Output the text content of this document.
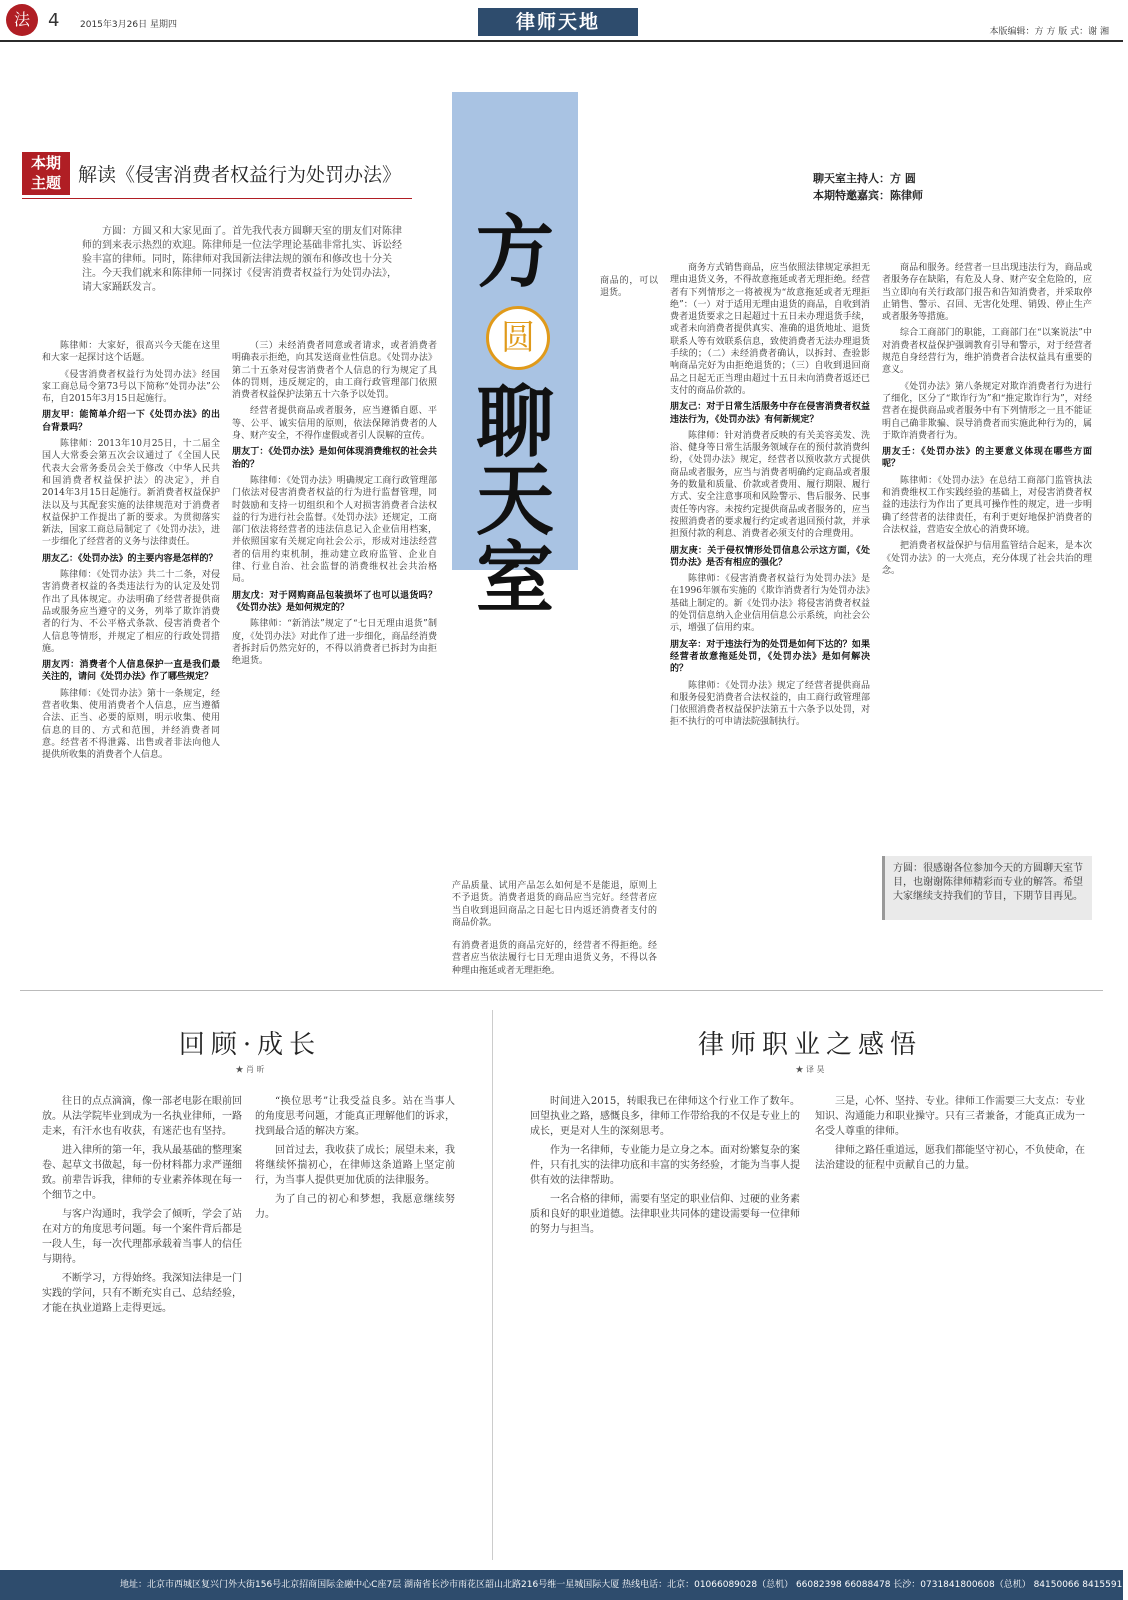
法	4 2015年3月26日 星期四	律师天地	本版编辑：方 方 版 式：谢 湘
本期
主题 解读《侵害消费者权益行为处罚办法》	聊天室主持人：方 圆
本期特邀嘉宾：陈律师
方圆：方圆又和大家见面了。首先我代表方圆聊天室的朋友们对陈律师的到来表示热烈的欢迎。陈律师是一位法学理论基础非常扎实、诉讼经验丰富的律师。同时，陈律师对我国新法律法规的颁布和修改也十分关注。今天我们就来和陈律师一同探讨《侵害消费者权益行为处罚办法》，请大家踊跃发言。	方
圆
聊
天
室

陈律师：大家好，很高兴今天能在这里和大家一起探讨这个话题。

《侵害消费者权益行为处罚办法》经国家工商总局令第73号以下简称“处罚办法”公布，自2015年3月15日起施行。

朋友甲：能简单介绍一下《处罚办法》的出台背景吗？

陈律师：2013年10月25日，十二届全国人大常委会第五次会议通过了《全国人民代表大会常务委员会关于修改〈中华人民共和国消费者权益保护法〉的决定》，并自2014年3月15日起施行。新消费者权益保护法以及与其配套实施的法律规范对于消费者权益保护工作提出了新的要求。为贯彻落实新法，国家工商总局制定了《处罚办法》，进一步细化了经营者的义务与法律责任。

朋友乙：《处罚办法》的主要内容是怎样的？

陈律师：《处罚办法》共二十二条，对侵害消费者权益的各类违法行为的认定及处罚作出了具体规定。办法明确了经营者提供商品或服务应当遵守的义务，列举了欺诈消费者的行为、不公平格式条款、侵害消费者个人信息等情形，并规定了相应的行政处罚措施。

朋友丙：消费者个人信息保护一直是我们最关注的，请问《处罚办法》作了哪些规定？

陈律师：《处罚办法》第十一条规定，经营者收集、使用消费者个人信息，应当遵循合法、正当、必要的原则，明示收集、使用信息的目的、方式和范围，并经消费者同意。经营者不得泄露、出售或者非法向他人提供所收集的消费者个人信息。

（三）未经消费者同意或者请求，或者消费者明确表示拒绝，向其发送商业性信息。《处罚办法》第二十五条对侵害消费者个人信息的行为规定了具体的罚则，违反规定的，由工商行政管理部门依照消费者权益保护法第五十六条予以处罚。

经营者提供商品或者服务，应当遵循自愿、平等、公平、诚实信用的原则，依法保障消费者的人身、财产安全，不得作虚假或者引人误解的宣传。

朋友丁：《处罚办法》是如何体现消费维权的社会共治的？

陈律师：《处罚办法》明确规定工商行政管理部门依法对侵害消费者权益的行为进行监督管理，同时鼓励和支持一切组织和个人对损害消费者合法权益的行为进行社会监督。《处罚办法》还规定，工商部门依法将经营者的违法信息记入企业信用档案，并依照国家有关规定向社会公示，形成对违法经营者的信用约束机制，推动建立政府监管、企业自律、行业自治、社会监督的消费维权社会共治格局。

朋友戊：对于网购商品包装损坏了也可以退货吗？《处罚办法》是如何规定的？

陈律师：“新消法”规定了“七日无理由退货”制度，《处罚办法》对此作了进一步细化，商品经消费者拆封后仍然完好的，不得以消费者已拆封为由拒绝退货。

产品质量、试用产品怎么如何是不是能退，原则上不予退货。消费者退货的商品应当完好。经营者应当自收到退回商品之日起七日内返还消费者支付的商品价款。

商品的，可以退货。

商务方式销售商品，应当依照法律规定承担无理由退货义务，不得故意拖延或者无理拒绝。经营者有下列情形之一将被视为“故意拖延或者无理拒绝”：（一）对于适用无理由退货的商品，自收到消费者退货要求之日起超过十五日未办理退货手续，或者未向消费者提供真实、准确的退货地址、退货联系人等有效联系信息，致使消费者无法办理退货手续的；（二）未经消费者确认，以拆封、查验影响商品完好为由拒绝退货的；（三）自收到退回商品之日起无正当理由超过十五日未向消费者返还已支付的商品价款的。

朋友己：对于日常生活服务中存在侵害消费者权益违法行为，《处罚办法》有何新规定？

陈律师：针对消费者反映的有关美容美发、洗浴、健身等日常生活服务领域存在的预付款消费纠纷，《处罚办法》规定，经营者以预收款方式提供商品或者服务，应当与消费者明确约定商品或者服务的数量和质量、价款或者费用、履行期限、履行方式、安全注意事项和风险警示、售后服务、民事责任等内容。未按约定提供商品或者服务的，应当按照消费者的要求履行约定或者退回预付款，并承担预付款的利息、消费者必须支付的合理费用。

朋友庚：关于侵权情形处罚信息公示这方面，《处罚办法》是否有相应的强化？

陈律师：《侵害消费者权益行为处罚办法》是在1996年颁布实施的《欺诈消费者行为处罚办法》基础上制定的。新《处罚办法》将侵害消费者权益的处罚信息纳入企业信用信息公示系统，向社会公示，增强了信用约束。

朋友辛：对于违法行为的处罚是如何下达的？如果经营者故意拖延处罚，《处罚办法》是如何解决的？

陈律师：《处罚办法》规定了经营者提供商品和服务侵犯消费者合法权益的，由工商行政管理部门依照消费者权益保护法第五十六条予以处罚，对拒不执行的可申请法院强制执行。

商品和服务。经营者一旦出现违法行为，商品或者服务存在缺陷，有危及人身、财产安全危险的，应当立即向有关行政部门报告和告知消费者，并采取停止销售、警示、召回、无害化处理、销毁、停止生产或者服务等措施。

综合工商部门的职能，工商部门在“以案说法”中对消费者权益保护强调教育引导和警示，对于经营者规范自身经营行为，维护消费者合法权益具有重要的意义。

《处罚办法》第八条规定对欺诈消费者行为进行了细化，区分了“欺诈行为”和“推定欺诈行为”，对经营者在提供商品或者服务中有下列情形之一且不能证明自己确非欺骗、误导消费者而实施此种行为的，属于欺诈消费者行为。

朋友壬：《处罚办法》的主要意义体现在哪些方面呢？

陈律师：《处罚办法》在总结工商部门监管执法和消费维权工作实践经验的基础上，对侵害消费者权益的违法行为作出了更具可操作性的规定，进一步明确了经营者的法律责任，有利于更好地保护消费者的合法权益，营造安全放心的消费环境。

把消费者权益保护与信用监管结合起来，是本次《处罚办法》的一大亮点，充分体现了社会共治的理念。

方圆：很感谢各位参加今天的方圆聊天室节目，也谢谢陈律师精彩而专业的解答。希望大家继续支持我们的节目，下期节目再见。

有消费者退货的商品完好的，经营者不得拒绝。经营者应当依法履行七日无理由退货义务，不得以各种理由拖延或者无理拒绝。

回顾·成长
★ 肖 昕

往日的点点滴滴，像一部老电影在眼前回放。从法学院毕业到成为一名执业律师，一路走来，有汗水也有收获，有迷茫也有坚持。

进入律所的第一年，我从最基础的整理案卷、起草文书做起，每一份材料都力求严谨细致。前辈告诉我，律师的专业素养体现在每一个细节之中。

与客户沟通时，我学会了倾听，学会了站在对方的角度思考问题。每一个案件背后都是一段人生，每一次代理都承载着当事人的信任与期待。

不断学习，方得始终。我深知法律是一门实践的学问，只有不断充实自己、总结经验，才能在执业道路上走得更远。

“换位思考”让我受益良多。站在当事人的角度思考问题，才能真正理解他们的诉求，找到最合适的解决方案。

回首过去，我收获了成长；展望未来，我将继续怀揣初心，在律师这条道路上坚定前行，为当事人提供更加优质的法律服务。

为了自己的初心和梦想，我愿意继续努力。

律师职业之感悟
★ 译 昊

时间进入2015，转眼我已在律师这个行业工作了数年。回望执业之路，感慨良多，律师工作带给我的不仅是专业上的成长，更是对人生的深刻思考。

作为一名律师，专业能力是立身之本。面对纷繁复杂的案件，只有扎实的法律功底和丰富的实务经验，才能为当事人提供有效的法律帮助。

一名合格的律师，需要有坚定的职业信仰、过硬的业务素质和良好的职业道德。法律职业共同体的建设需要每一位律师的努力与担当。

三是，心怀、坚持、专业。律师工作需要三大支点：专业知识、沟通能力和职业操守。只有三者兼备，才能真正成为一名受人尊重的律师。

律师之路任重道远，愿我们都能坚守初心，不负使命，在法治建设的征程中贡献自己的力量。

地址：北京市西城区复兴门外大街156号北京招商国际金融中心C座7层 湖南省长沙市雨花区韶山北路216号维一星城国际大厦 热线电话：北京：01066089028（总机） 66082398 66088478 长沙：0731841800608（总机） 84150066 84155918
